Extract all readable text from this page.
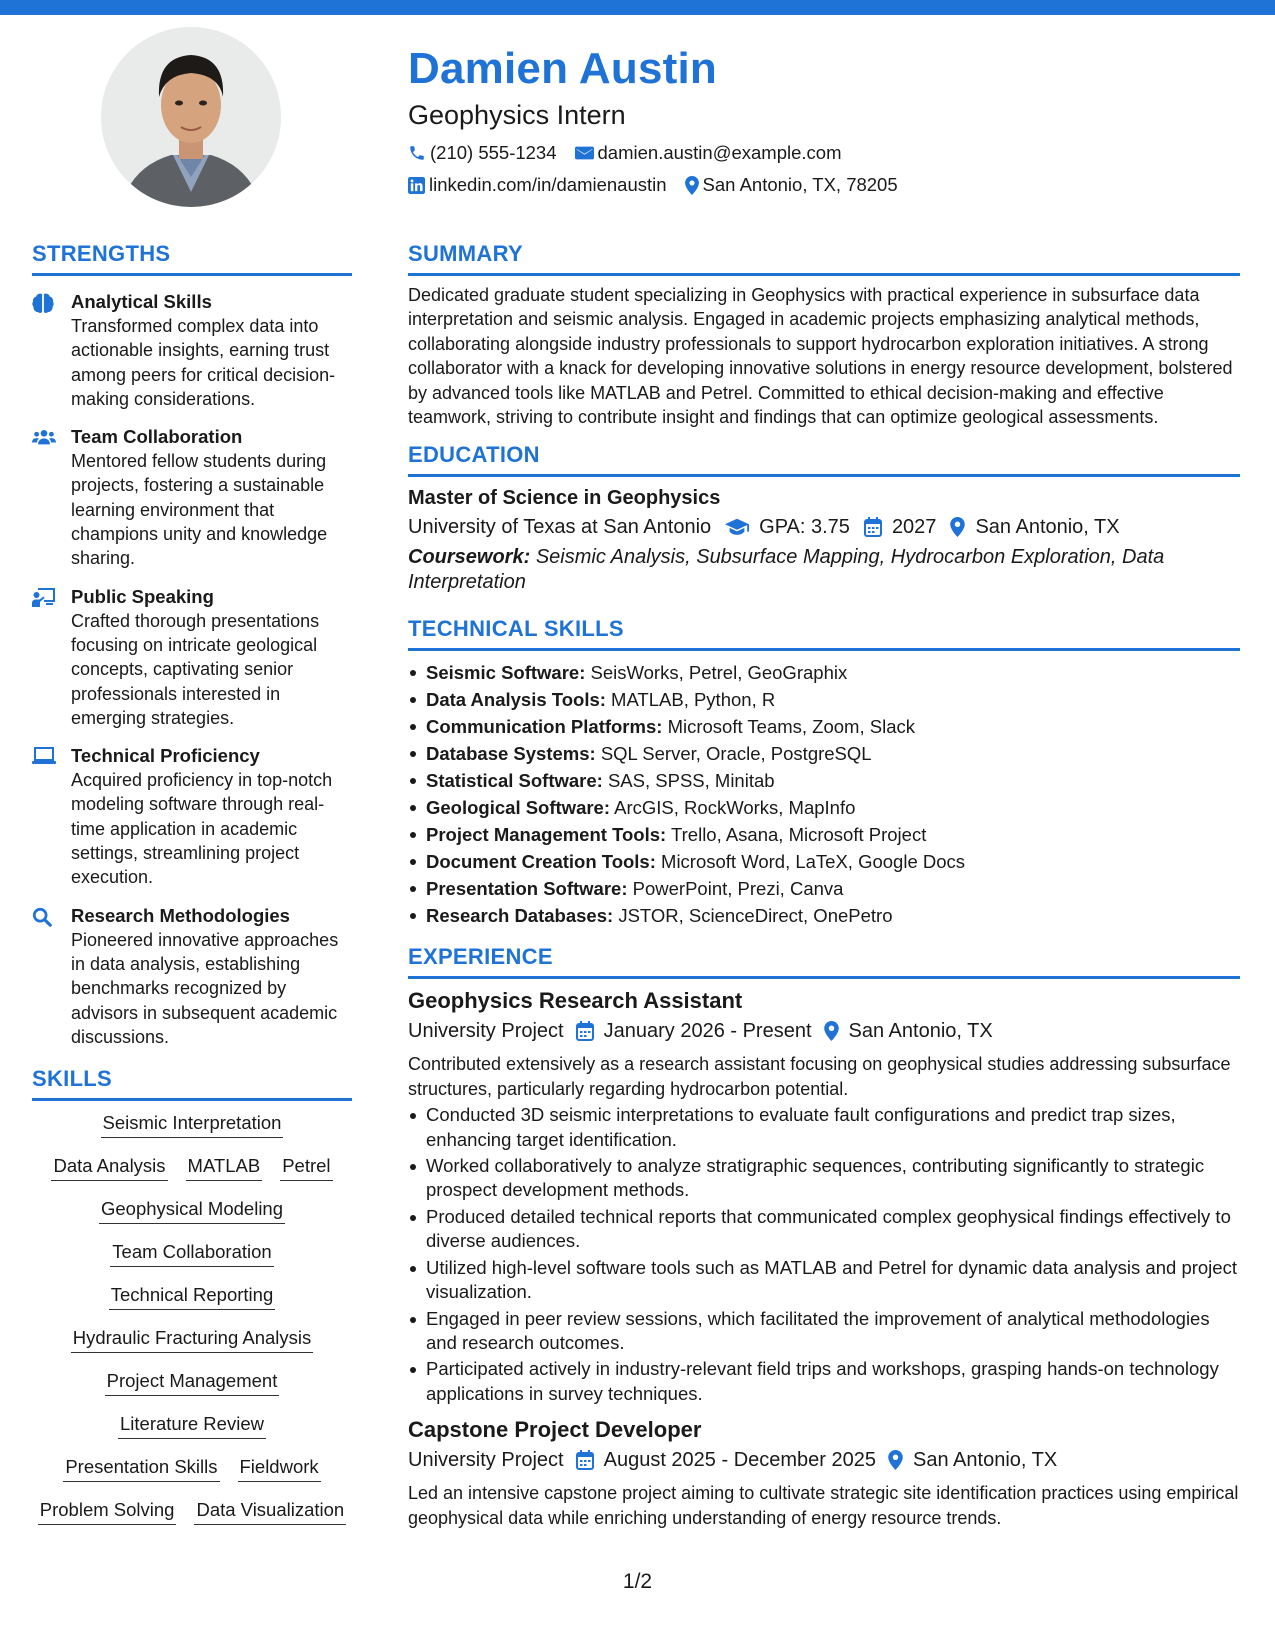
Damien Austin
Geophysics Intern
(210) 555-1234 damien.austin@example.com
linkedin.com/in/damienaustin San Antonio, TX, 78205
STRENGTHS
Analytical Skills
Transformed complex data into actionable insights, earning trust among peers for critical decision-making considerations.
Team Collaboration
Mentored fellow students during projects, fostering a sustainable learning environment that champions unity and knowledge sharing.
Public Speaking
Crafted thorough presentations focusing on intricate geological concepts, captivating senior professionals interested in emerging strategies.
Technical Proficiency
Acquired proficiency in top-notch modeling software through real-time application in academic settings, streamlining project execution.
Research Methodologies
Pioneered innovative approaches in data analysis, establishing benchmarks recognized by advisors in subsequent academic discussions.
SKILLS
Seismic Interpretation
Data Analysis MATLAB Petrel
Geophysical Modeling
Team Collaboration
Technical Reporting
Hydraulic Fracturing Analysis
Project Management
Literature Review
Presentation Skills Fieldwork
Problem Solving Data Visualization
SUMMARY
Dedicated graduate student specializing in Geophysics with practical experience in subsurface data interpretation and seismic analysis. Engaged in academic projects emphasizing analytical methods, collaborating alongside industry professionals to support hydrocarbon exploration initiatives. A strong collaborator with a knack for developing innovative solutions in energy resource development, bolstered by advanced tools like MATLAB and Petrel. Committed to ethical decision-making and effective teamwork, striving to contribute insight and findings that can optimize geological assessments.
EDUCATION
Master of Science in Geophysics
University of Texas at San Antonio GPA: 3.75 2027 San Antonio, TX
Coursework: Seismic Analysis, Subsurface Mapping, Hydrocarbon Exploration, Data Interpretation
TECHNICAL SKILLS
Seismic Software: SeisWorks, Petrel, GeoGraphix
Data Analysis Tools: MATLAB, Python, R
Communication Platforms: Microsoft Teams, Zoom, Slack
Database Systems: SQL Server, Oracle, PostgreSQL
Statistical Software: SAS, SPSS, Minitab
Geological Software: ArcGIS, RockWorks, MapInfo
Project Management Tools: Trello, Asana, Microsoft Project
Document Creation Tools: Microsoft Word, LaTeX, Google Docs
Presentation Software: PowerPoint, Prezi, Canva
Research Databases: JSTOR, ScienceDirect, OnePetro
EXPERIENCE
Geophysics Research Assistant
University Project January 2026 - Present San Antonio, TX
Contributed extensively as a research assistant focusing on geophysical studies addressing subsurface structures, particularly regarding hydrocarbon potential.
Conducted 3D seismic interpretations to evaluate fault configurations and predict trap sizes, enhancing target identification.
Worked collaboratively to analyze stratigraphic sequences, contributing significantly to strategic prospect development methods.
Produced detailed technical reports that communicated complex geophysical findings effectively to diverse audiences.
Utilized high-level software tools such as MATLAB and Petrel for dynamic data analysis and project visualization.
Engaged in peer review sessions, which facilitated the improvement of analytical methodologies and research outcomes.
Participated actively in industry-relevant field trips and workshops, grasping hands-on technology applications in survey techniques.
Capstone Project Developer
University Project August 2025 - December 2025 San Antonio, TX
Led an intensive capstone project aiming to cultivate strategic site identification practices using empirical geophysical data while enriching understanding of energy resource trends.
1/2
